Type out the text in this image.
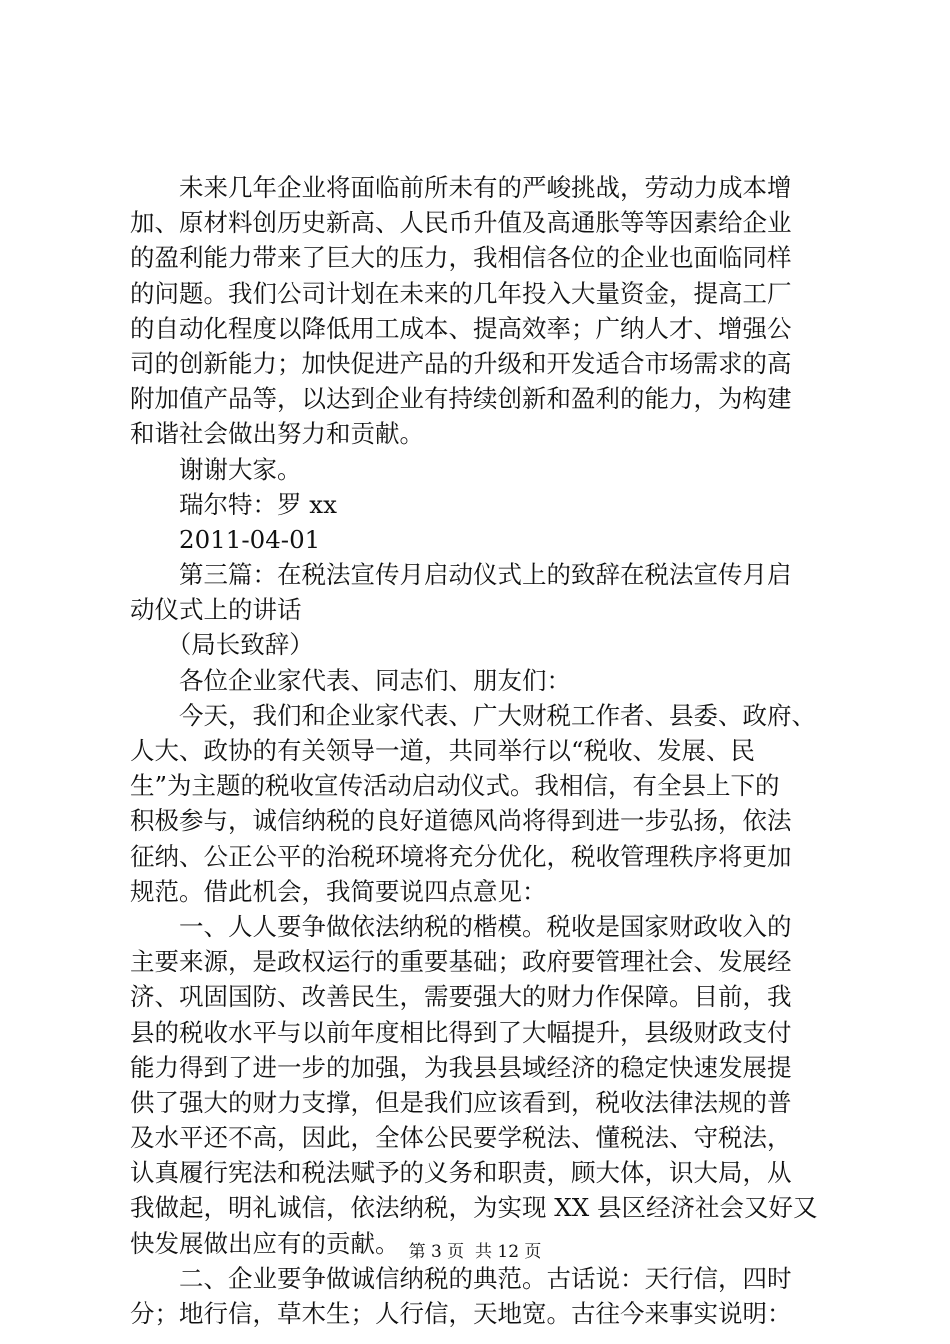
　　未来几年企业将面临前所未有的严峻挑战，劳动力成本增
加、原材料创历史新高、人民币升值及高通胀等等因素给企业
的盈利能力带来了巨大的压力，我相信各位的企业也面临同样
的问题。我们公司计划在未来的几年投入大量资金，提高工厂
的自动化程度以降低用工成本、提高效率；广纳人才、增强公
司的创新能力；加快促进产品的升级和开发适合市场需求的高
附加值产品等，以达到企业有持续创新和盈利的能力，为构建
和谐社会做出努力和贡献。
　　谢谢大家。
　　瑞尔特：罗 xx
　　2011-04-01
　　第三篇：在税法宣传月启动仪式上的致辞在税法宣传月启
动仪式上的讲话
　　（局长致辞）
　　各位企业家代表、同志们、朋友们：
　　今天，我们和企业家代表、广大财税工作者、县委、政府、
人大、政协的有关领导一道，共同举行以“税收、发展、民
生”为主题的税收宣传活动启动仪式。我相信，有全县上下的
积极参与，诚信纳税的良好道德风尚将得到进一步弘扬，依法
征纳、公正公平的治税环境将充分优化，税收管理秩序将更加
规范。借此机会，我简要说四点意见：
　　一、人人要争做依法纳税的楷模。税收是国家财政收入的
主要来源，是政权运行的重要基础；政府要管理社会、发展经
济、巩固国防、改善民生，需要强大的财力作保障。目前，我
县的税收水平与以前年度相比得到了大幅提升，县级财政支付
能力得到了进一步的加强，为我县县域经济的稳定快速发展提
供了强大的财力支撑，但是我们应该看到，税收法律法规的普
及水平还不高，因此，全体公民要学税法、懂税法、守税法，
认真履行宪法和税法赋予的义务和职责，顾大体，识大局，从
我做起，明礼诚信，依法纳税，为实现 XX 县区经济社会又好又
快发展做出应有的贡献。
　　二、企业要争做诚信纳税的典范。古话说：天行信，四时
分；地行信，草木生；人行信，天地宽。古往今来事实说明：
第 3 页  共 12 页
